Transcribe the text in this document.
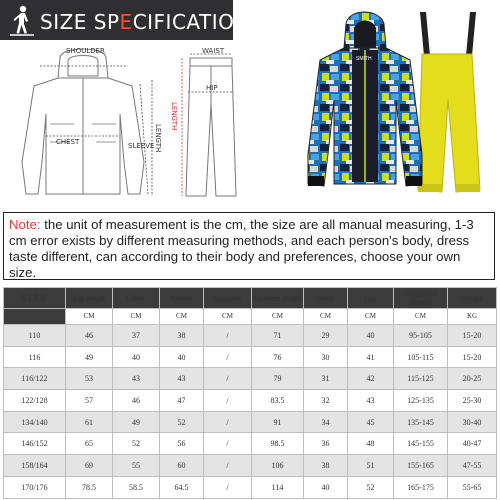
SIZE SPECIFICATION
SHOULDER
CHEST	SLEEVE LENGTH
WAIST
HIP
LENGTH
SMITH
Note: the unit of measurement is the cm, the size are all manual measuring, 1-3 cm error exists by different measuring methods, and each person's body, dress taste different, can according to their body and preferences, choose your own size.
SIZE	Top length	Chest	Sleeve	Shoulder	Trousers length	Waist	Hip	Suggested Height	Weight
	CM	CM	CM	CM	CM	CM	CM	CM	KG
110	46	37	38	/	71	29	40	95-105	15-20
116	49	40	40	/	76	30	41	105-115	15-20
116/122	53	43	43	/	79	31	42	115-125	20-25
122/128	57	46	47	/	83.5	32	43	125-135	25-30
134/140	61	49	52	/	91	34	45	135-145	30-40
146/152	65	52	56	/	98.5	36	48	145-155	40-47
158/164	69	55	60	/	106	38	51	155-165	47-55
170/176	78.5	58.5	64.5	/	114	40	52	165-175	55-65
